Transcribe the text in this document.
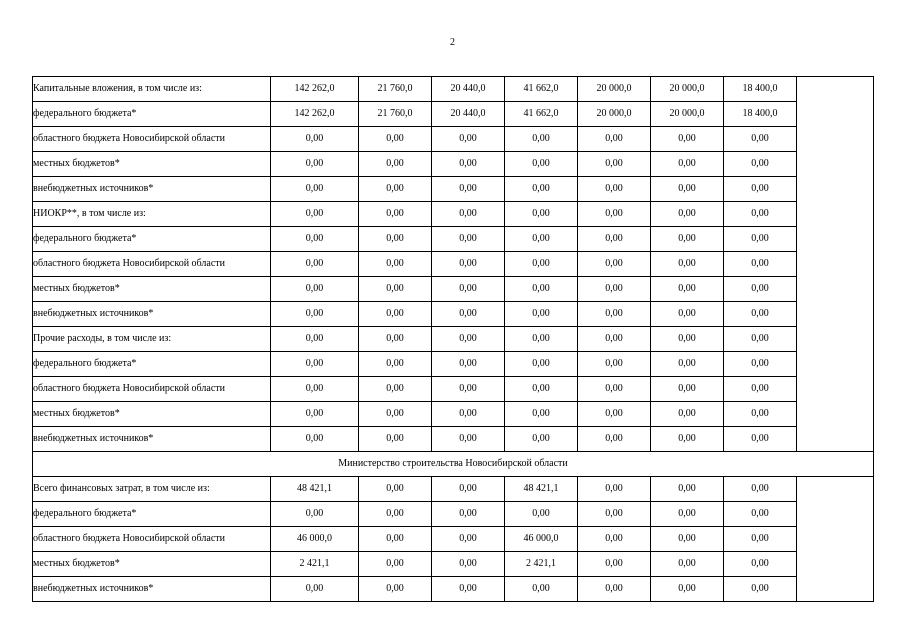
2
Капитальные вложения, в том числе из:	142 262,0	21 760,0	20 440,0	41 662,0	20 000,0	20 000,0	18 400,0	
федерального бюджета*	142 262,0	21 760,0	20 440,0	41 662,0	20 000,0	20 000,0	18 400,0	
областного бюджета Новосибирской области	0,00	0,00	0,00	0,00	0,00	0,00	0,00	
местных бюджетов*	0,00	0,00	0,00	0,00	0,00	0,00	0,00	
внебюджетных источников*	0,00	0,00	0,00	0,00	0,00	0,00	0,00	
НИОКР**, в том числе из:	0,00	0,00	0,00	0,00	0,00	0,00	0,00	
федерального бюджета*	0,00	0,00	0,00	0,00	0,00	0,00	0,00	
областного бюджета Новосибирской области	0,00	0,00	0,00	0,00	0,00	0,00	0,00	
местных бюджетов*	0,00	0,00	0,00	0,00	0,00	0,00	0,00	
внебюджетных источников*	0,00	0,00	0,00	0,00	0,00	0,00	0,00	
Прочие расходы, в том числе из:	0,00	0,00	0,00	0,00	0,00	0,00	0,00	
федерального бюджета*	0,00	0,00	0,00	0,00	0,00	0,00	0,00	
областного бюджета Новосибирской области	0,00	0,00	0,00	0,00	0,00	0,00	0,00	
местных бюджетов*	0,00	0,00	0,00	0,00	0,00	0,00	0,00	
внебюджетных источников*	0,00	0,00	0,00	0,00	0,00	0,00	0,00	
Министерство строительства Новосибирской области								
Всего финансовых затрат, в том числе из:	48 421,1	0,00	0,00	48 421,1	0,00	0,00	0,00	
федерального бюджета*	0,00	0,00	0,00	0,00	0,00	0,00	0,00	
областного бюджета Новосибирской области	46 000,0	0,00	0,00	46 000,0	0,00	0,00	0,00	
местных бюджетов*	2 421,1	0,00	0,00	2 421,1	0,00	0,00	0,00	
внебюджетных источников*	0,00	0,00	0,00	0,00	0,00	0,00	0,00	
